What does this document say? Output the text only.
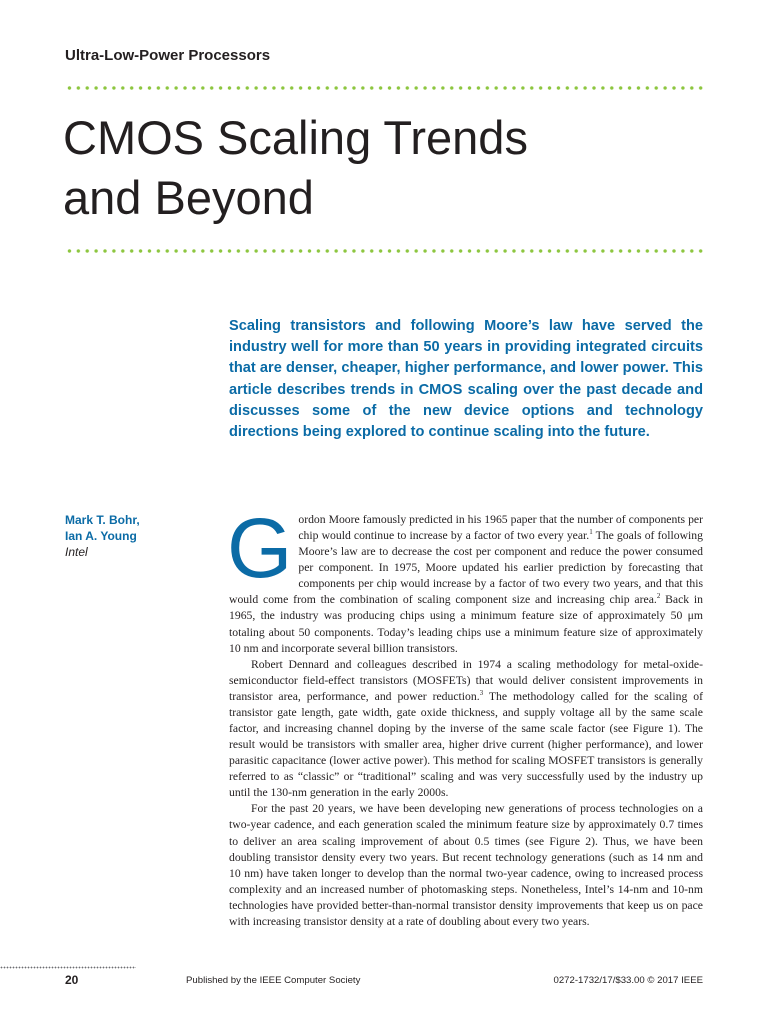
Ultra-Low-Power Processors
CMOS Scaling Trends
and Beyond

Scaling transistors and following Moore’s law have served the industry well for more than 50 years in providing integrated circuits that are denser, cheaper, higher performance, and lower power. This article describes trends in CMOS scaling over the past decade and discusses some of the new device options and technology directions being explored to continue scaling into the future.

Mark T. Bohr,
Ian A. Young
Intel	Gordon Moore famously predicted in his 1965 paper that the number of components per chip would continue to increase by a factor of two every year.$^1$ The goals of following Moore’s law are to decrease the cost per component and reduce the power consumed per component. In 1975, Moore updated his earlier prediction by forecasting that components per chip would increase by a factor of two every two years, and that this would come from the combination of scaling component size and increasing chip area.$^2$ Back in 1965, the industry was producing chips using a minimum feature size of approximately 50 μm totaling about 50 components. Today’s leading chips use a minimum feature size of approximately 10 nm and incorporate several billion transistors.

Robert Dennard and colleagues described in 1974 a scaling methodology for metal-oxide-semiconductor field-effect transistors (MOSFETs) that would deliver consistent improvements in transistor area, performance, and power reduction.$^3$ The methodology called for the scaling of transistor gate length, gate width, gate oxide thickness, and supply voltage all by the same scale factor, and increasing channel doping by the inverse of the same scale factor (see Figure 1). The result would be transistors with smaller area, higher drive current (higher performance), and lower parasitic capacitance (lower active power). This method for scaling MOSFET transistors is generally referred to as “classic” or “traditional” scaling and was very successfully used by the industry up until the 130-nm generation in the early 2000s.

For the past 20 years, we have been developing new generations of process technologies on a two-year cadence, and each generation scaled the minimum feature size by approximately 0.7 times to deliver an area scaling improvement of about 0.5 times (see Figure 2). Thus, we have been doubling transistor density every two years. But recent technology generations (such as 14 nm and 10 nm) have taken longer to develop than the normal two-year cadence, owing to increased process complexity and an increased number of photomasking steps. Nonetheless, Intel’s 14-nm and 10-nm technologies have provided better-than-normal transistor density improvements that keep us on pace with increasing transistor density at a rate of doubling about every two years.

20	Published by the IEEE Computer Society	0272-1732/17/$33.00 © 2017 IEEE
